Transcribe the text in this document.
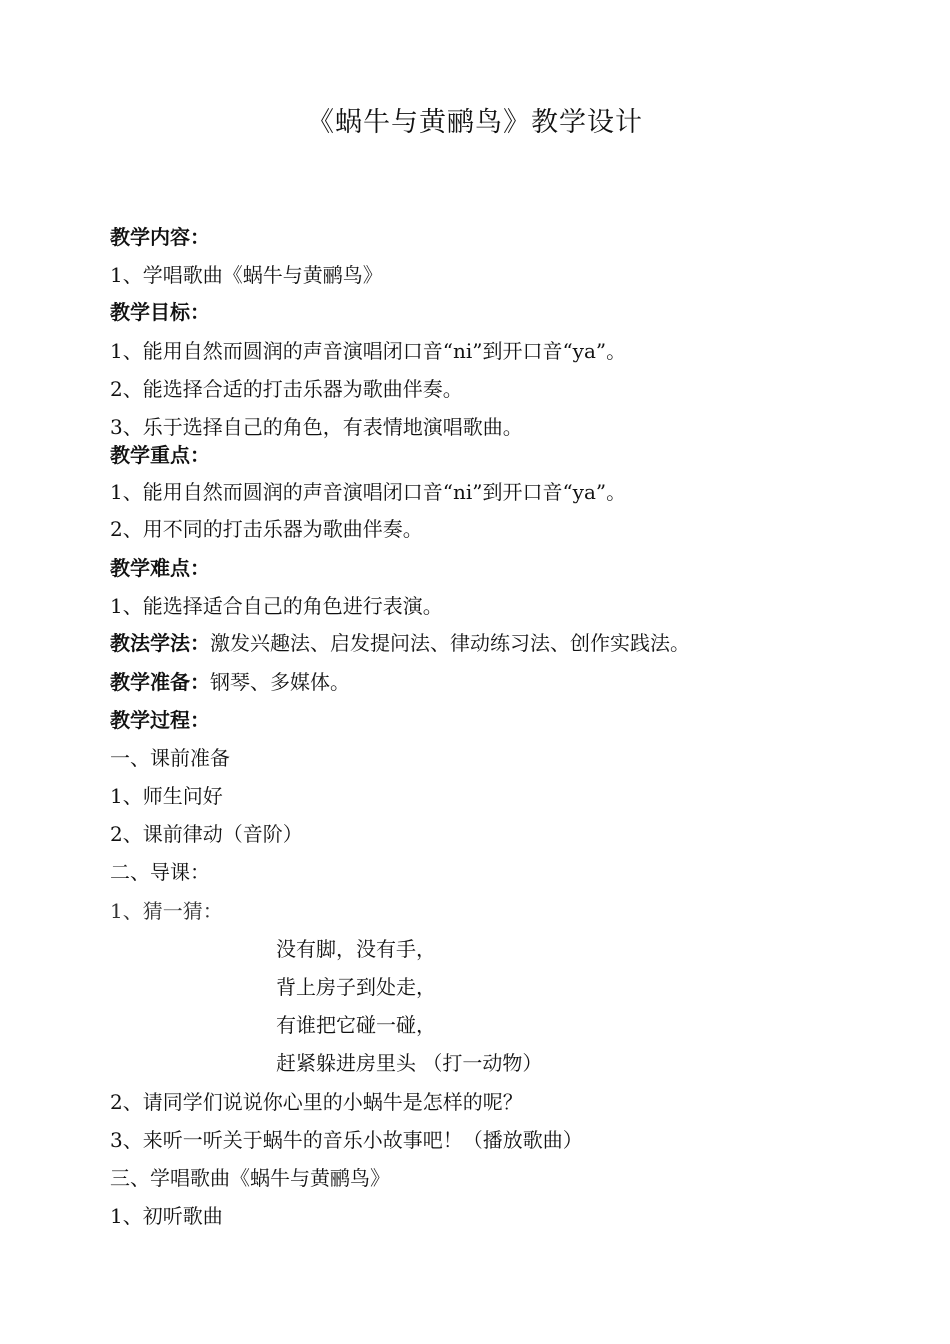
《蜗牛与黄鹂鸟》教学设计
教学内容：
1、学唱歌曲《蜗牛与黄鹂鸟》
教学目标：
1、能用自然而圆润的声音演唱闭口音“ni”到开口音“ya”。
2、能选择合适的打击乐器为歌曲伴奏。
3、乐于选择自己的角色，有表情地演唱歌曲。
教学重点：
1、能用自然而圆润的声音演唱闭口音“ni”到开口音“ya”。
2、用不同的打击乐器为歌曲伴奏。
教学难点：
1、能选择适合自己的角色进行表演。
教法学法：激发兴趣法、启发提问法、律动练习法、创作实践法。
教学准备：钢琴、多媒体。
教学过程：
一、课前准备
1、师生问好
2、课前律动（音阶）
二、导课：
1、猜一猜：
没有脚，没有手，
背上房子到处走，
有谁把它碰一碰，
赶紧躲进房里头 （打一动物）
2、请同学们说说你心里的小蜗牛是怎样的呢？
3、来听一听关于蜗牛的音乐小故事吧！（播放歌曲）
三、学唱歌曲《蜗牛与黄鹂鸟》
1、初听歌曲
